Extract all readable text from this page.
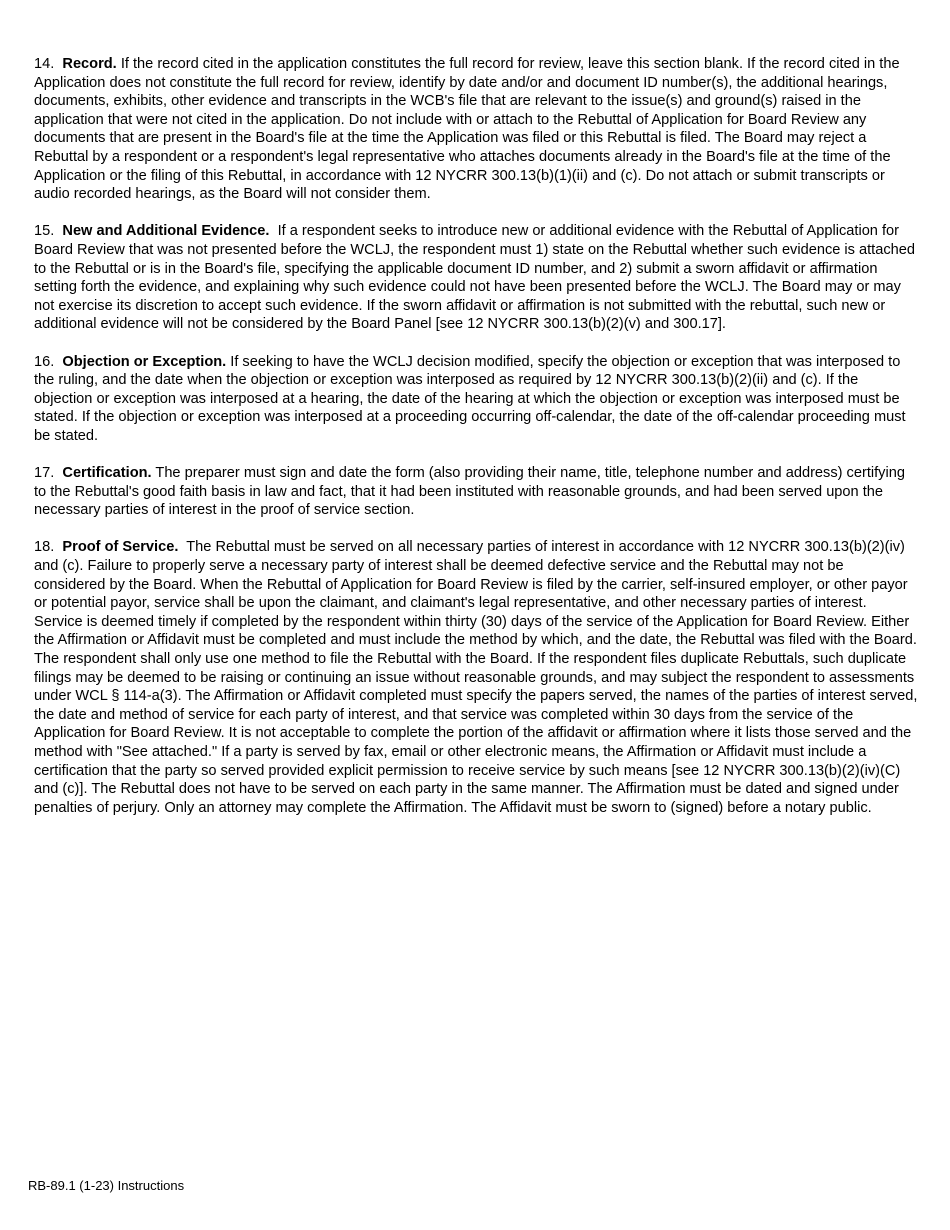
14. Record. If the record cited in the application constitutes the full record for review, leave this section blank. If the record cited in the Application does not constitute the full record for review, identify by date and/or and document ID number(s), the additional hearings, documents, exhibits, other evidence and transcripts in the WCB's file that are relevant to the issue(s) and ground(s) raised in the application that were not cited in the application. Do not include with or attach to the Rebuttal of Application for Board Review any documents that are present in the Board's file at the time the Application was filed or this Rebuttal is filed. The Board may reject a Rebuttal by a respondent or a respondent's legal representative who attaches documents already in the Board's file at the time of the Application or the filing of this Rebuttal, in accordance with 12 NYCRR 300.13(b)(1)(ii) and (c). Do not attach or submit transcripts or audio recorded hearings, as the Board will not consider them.

15. New and Additional Evidence. If a respondent seeks to introduce new or additional evidence with the Rebuttal of Application for Board Review that was not presented before the WCLJ, the respondent must 1) state on the Rebuttal whether such evidence is attached to the Rebuttal or is in the Board's file, specifying the applicable document ID number, and 2) submit a sworn affidavit or affirmation setting forth the evidence, and explaining why such evidence could not have been presented before the WCLJ. The Board may or may not exercise its discretion to accept such evidence. If the sworn affidavit or affirmation is not submitted with the rebuttal, such new or additional evidence will not be considered by the Board Panel [see 12 NYCRR 300.13(b)(2)(v) and 300.17].

16. Objection or Exception. If seeking to have the WCLJ decision modified, specify the objection or exception that was interposed to the ruling, and the date when the objection or exception was interposed as required by 12 NYCRR 300.13(b)(2)(ii) and (c). If the objection or exception was interposed at a hearing, the date of the hearing at which the objection or exception was interposed must be stated. If the objection or exception was interposed at a proceeding occurring off-calendar, the date of the off-calendar proceeding must be stated.

17. Certification. The preparer must sign and date the form (also providing their name, title, telephone number and address) certifying to the Rebuttal's good faith basis in law and fact, that it had been instituted with reasonable grounds, and had been served upon the necessary parties of interest in the proof of service section.

18. Proof of Service. The Rebuttal must be served on all necessary parties of interest in accordance with 12 NYCRR 300.13(b)(2)(iv) and (c). Failure to properly serve a necessary party of interest shall be deemed defective service and the Rebuttal may not be considered by the Board. When the Rebuttal of Application for Board Review is filed by the carrier, self-insured employer, or other payor or potential payor, service shall be upon the claimant, and claimant's legal representative, and other necessary parties of interest. Service is deemed timely if completed by the respondent within thirty (30) days of the service of the Application for Board Review. Either the Affirmation or Affidavit must be completed and must include the method by which, and the date, the Rebuttal was filed with the Board. The respondent shall only use one method to file the Rebuttal with the Board. If the respondent files duplicate Rebuttals, such duplicate filings may be deemed to be raising or continuing an issue without reasonable grounds, and may subject the respondent to assessments under WCL § 114-a(3). The Affirmation or Affidavit completed must specify the papers served, the names of the parties of interest served, the date and method of service for each party of interest, and that service was completed within 30 days from the service of the Application for Board Review. It is not acceptable to complete the portion of the affidavit or affirmation where it lists those served and the method with "See attached." If a party is served by fax, email or other electronic means, the Affirmation or Affidavit must include a certification that the party so served provided explicit permission to receive service by such means [see 12 NYCRR 300.13(b)(2)(iv)(C) and (c)]. The Rebuttal does not have to be served on each party in the same manner. The Affirmation must be dated and signed under penalties of perjury. Only an attorney may complete the Affirmation. The Affidavit must be sworn to (signed) before a notary public.

RB-89.1 (1-23) Instructions
